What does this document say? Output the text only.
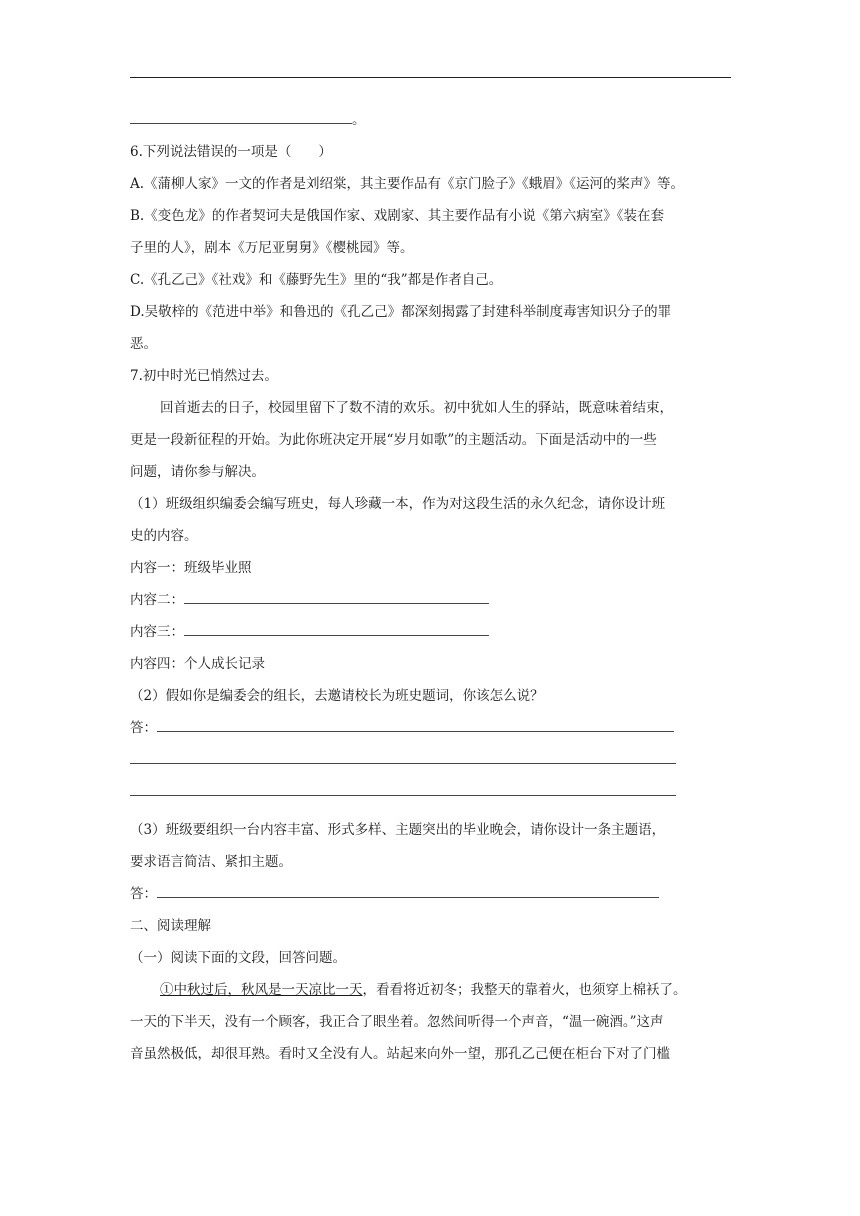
。
6.下列说法错误的一项是（　　）
A.《蒲柳人家》一文的作者是刘绍棠，其主要作品有《京门脸子》《蛾眉》《运河的桨声》等。
B.《变色龙》的作者契诃夫是俄国作家、戏剧家、其主要作品有小说《第六病室》《装在套
子里的人》，剧本《万尼亚舅舅》《樱桃园》等。
C.《孔乙己》《社戏》和《藤野先生》里的“我”都是作者自己。
D.吴敬梓的《范进中举》和鲁迅的《孔乙己》都深刻揭露了封建科举制度毒害知识分子的罪
恶。
7.初中时光已悄然过去。
回首逝去的日子，校园里留下了数不清的欢乐。初中犹如人生的驿站，既意味着结束，
更是一段新征程的开始。为此你班决定开展“岁月如歌”的主题活动。下面是活动中的一些
问题，请你参与解决。
（1）班级组织编委会编写班史，每人珍藏一本，作为对这段生活的永久纪念，请你设计班
史的内容。
内容一：班级毕业照
内容二：
内容三：
内容四：个人成长记录
（2）假如你是编委会的组长，去邀请校长为班史题词，你该怎么说？
答：
（3）班级要组织一台内容丰富、形式多样、主题突出的毕业晚会，请你设计一条主题语，
要求语言简洁、紧扣主题。
答：
二、阅读理解
（一）阅读下面的文段，回答问题。
①中秋过后，秋风是一天凉比一天，看看将近初冬；我整天的靠着火，也须穿上棉袄了。
一天的下半天，没有一个顾客，我正合了眼坐着。忽然间听得一个声音，“温一碗酒。”这声
音虽然极低，却很耳熟。看时又全没有人。站起来向外一望，那孔乙己便在柜台下对了门槛
